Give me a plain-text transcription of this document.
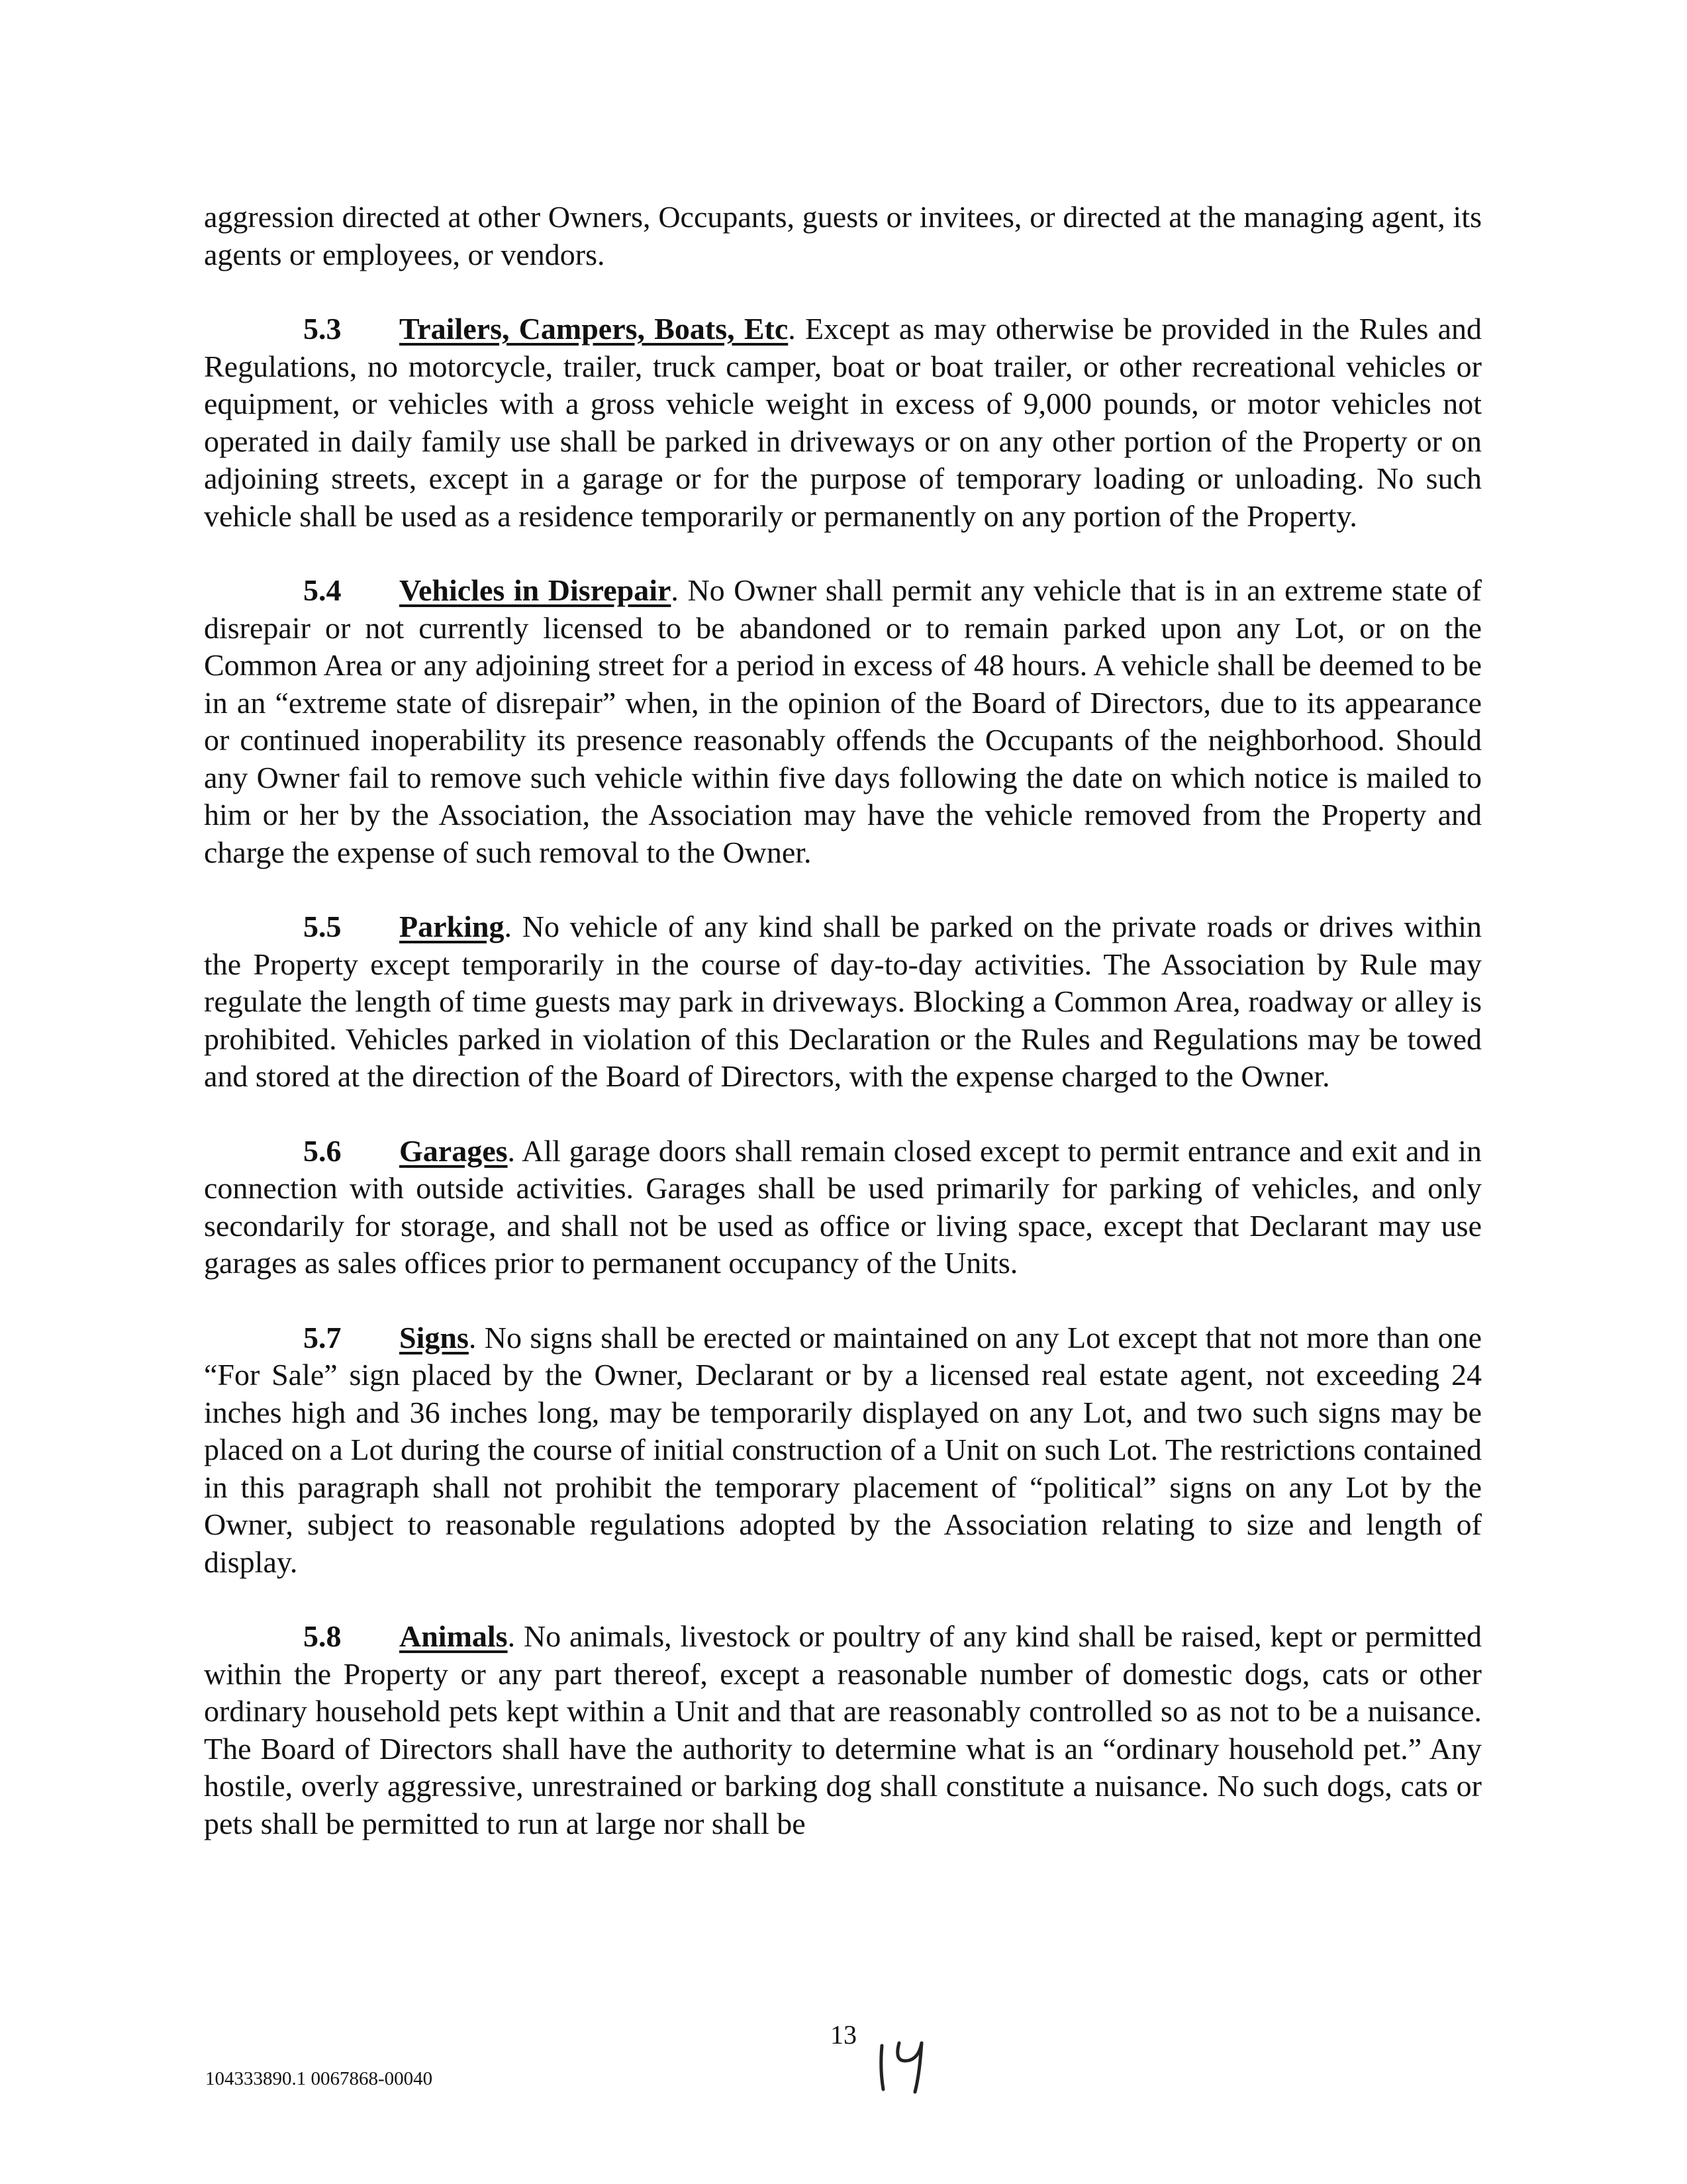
aggression directed at other Owners, Occupants, guests or invitees, or directed at the managing agent, its agents or employees, or vendors.

5.3 Trailers, Campers, Boats, Etc. Except as may otherwise be provided in the Rules and Regulations, no motorcycle, trailer, truck camper, boat or boat trailer, or other recreational vehicles or equipment, or vehicles with a gross vehicle weight in excess of 9,000 pounds, or motor vehicles not operated in daily family use shall be parked in driveways or on any other portion of the Property or on adjoining streets, except in a garage or for the purpose of temporary loading or unloading. No such vehicle shall be used as a residence temporarily or permanently on any portion of the Property.

5.4 Vehicles in Disrepair. No Owner shall permit any vehicle that is in an extreme state of disrepair or not currently licensed to be abandoned or to remain parked upon any Lot, or on the Common Area or any adjoining street for a period in excess of 48 hours. A vehicle shall be deemed to be in an “extreme state of disrepair” when, in the opinion of the Board of Directors, due to its appearance or continued inoperability its presence reasonably offends the Occupants of the neighborhood. Should any Owner fail to remove such vehicle within five days following the date on which notice is mailed to him or her by the Association, the Association may have the vehicle removed from the Property and charge the expense of such removal to the Owner.

5.5 Parking. No vehicle of any kind shall be parked on the private roads or drives within the Property except temporarily in the course of day-to-day activities. The Association by Rule may regulate the length of time guests may park in driveways. Blocking a Common Area, roadway or alley is prohibited. Vehicles parked in violation of this Declaration or the Rules and Regulations may be towed and stored at the direction of the Board of Directors, with the expense charged to the Owner.

5.6 Garages. All garage doors shall remain closed except to permit entrance and exit and in connection with outside activities. Garages shall be used primarily for parking of vehicles, and only secondarily for storage, and shall not be used as office or living space, except that Declarant may use garages as sales offices prior to permanent occupancy of the Units.

5.7 Signs. No signs shall be erected or maintained on any Lot except that not more than one “For Sale” sign placed by the Owner, Declarant or by a licensed real estate agent, not exceeding 24 inches high and 36 inches long, may be temporarily displayed on any Lot, and two such signs may be placed on a Lot during the course of initial construction of a Unit on such Lot. The restrictions contained in this paragraph shall not prohibit the temporary placement of “political” signs on any Lot by the Owner, subject to reasonable regulations adopted by the Association relating to size and length of display.

5.8 Animals. No animals, livestock or poultry of any kind shall be raised, kept or permitted within the Property or any part thereof, except a reasonable number of domestic dogs, cats or other ordinary household pets kept within a Unit and that are reasonably controlled so as not to be a nuisance. The Board of Directors shall have the authority to determine what is an “ordinary household pet.” Any hostile, overly aggressive, unrestrained or barking dog shall constitute a nuisance. No such dogs, cats or pets shall be permitted to run at large nor shall be

13
104333890.1 0067868-00040
